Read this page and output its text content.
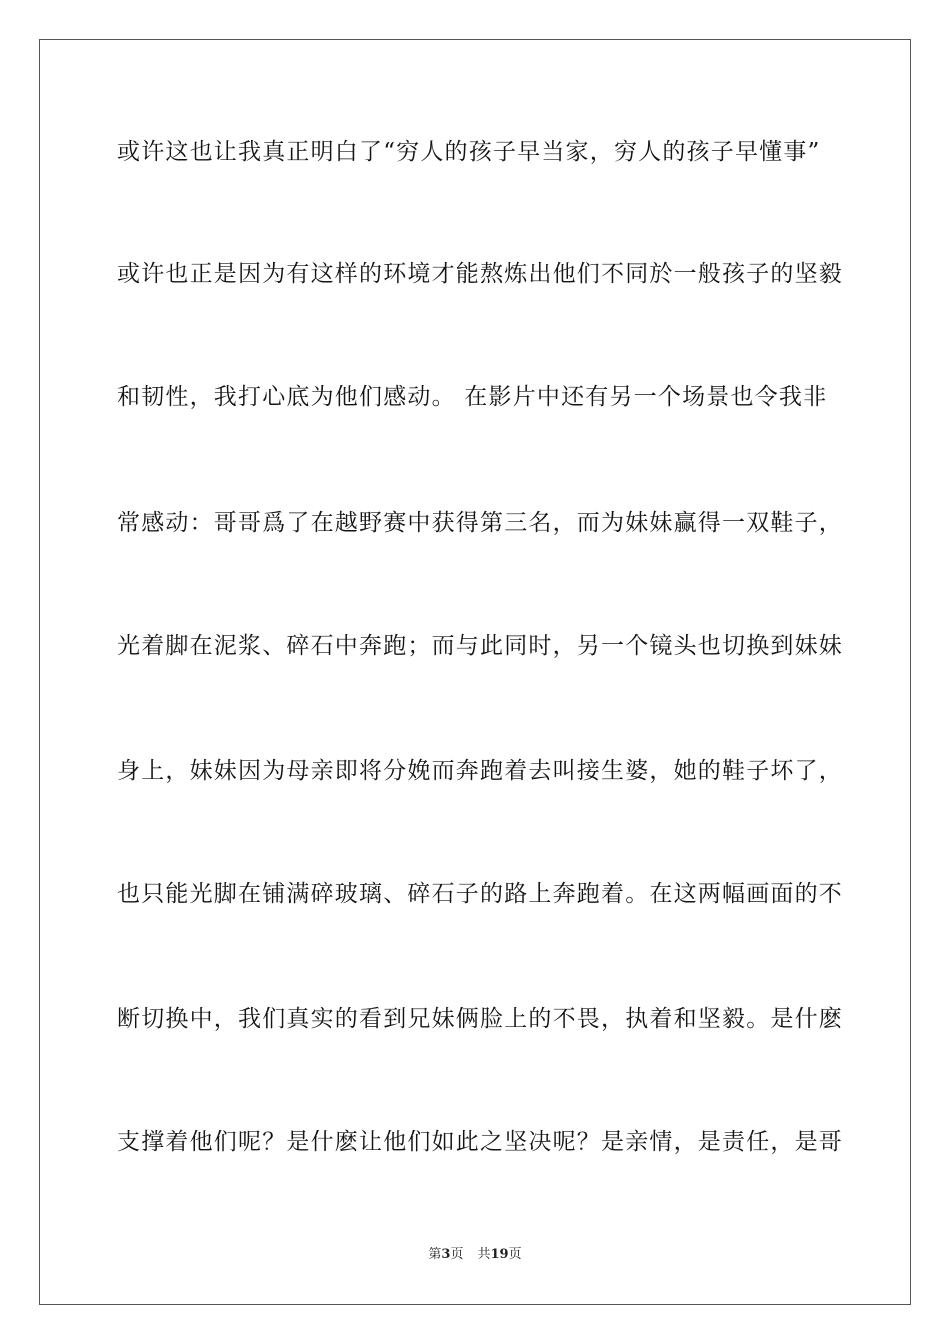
或许这也让我真正明白了“穷人的孩子早当家，穷人的孩子早懂事”
或许也正是因为有这样的环境才能熬炼出他们不同於一般孩子的坚毅
和韧性，我打心底为他们感动。 在影片中还有另一个场景也令我非
常感动：哥哥爲了在越野赛中获得第三名，而为妹妹赢得一双鞋子，
光着脚在泥浆、碎石中奔跑；而与此同时，另一个镜头也切换到妹妹
身上，妹妹因为母亲即将分娩而奔跑着去叫接生婆，她的鞋子坏了，
也只能光脚在铺满碎玻璃、碎石子的路上奔跑着。在这两幅画面的不
断切换中，我们真实的看到兄妹俩脸上的不畏，执着和坚毅。是什麽
支撑着他们呢？是什麽让他们如此之坚决呢？是亲情，是责任，是哥
第3页 共19页
